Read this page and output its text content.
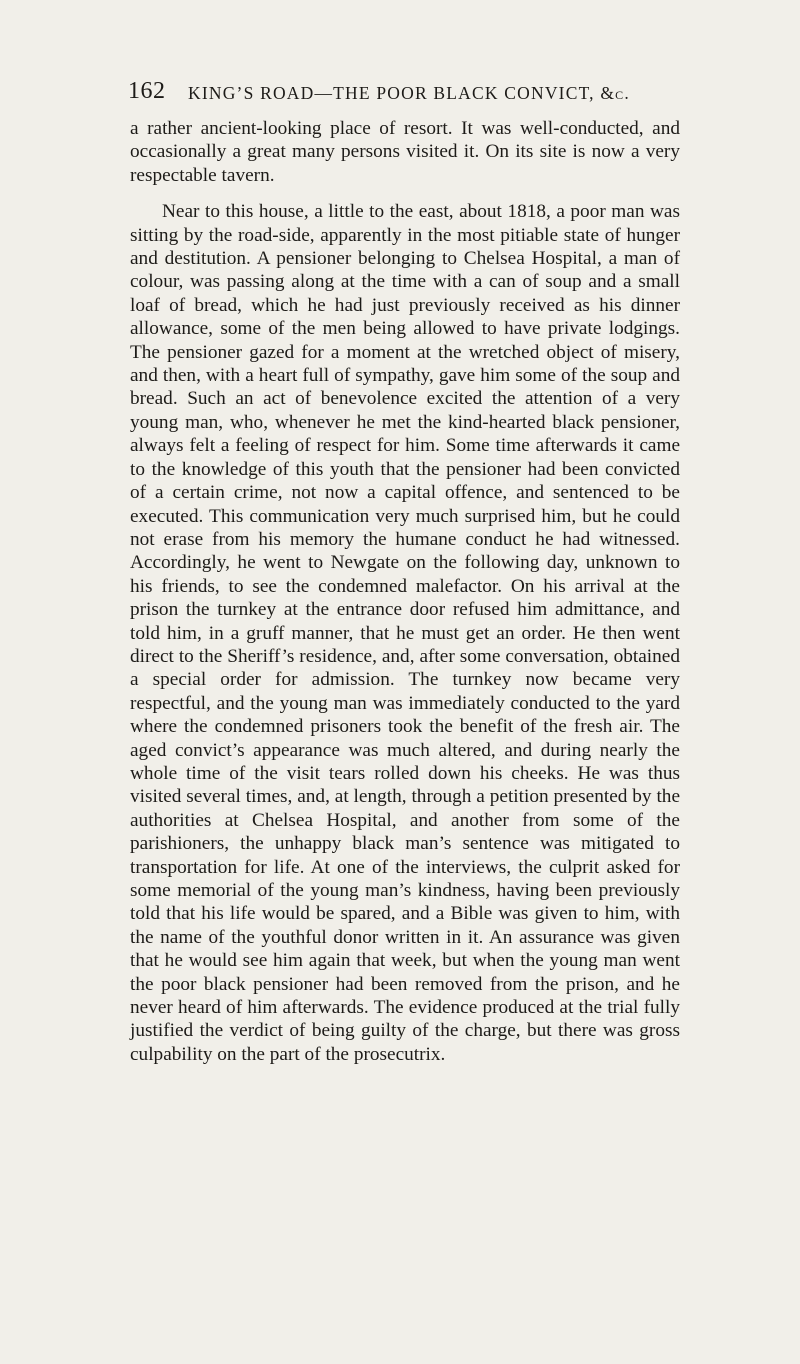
162 KING’S ROAD—THE POOR BLACK CONVICT, &c.

a rather ancient-looking place of resort. It was well-conducted, and occasionally a great many persons visited it. On its site is now a very respectable tavern.

Near to this house, a little to the east, about 1818, a poor man was sitting by the road-side, apparently in the most pitiable state of hunger and destitution. A pensioner belonging to Chelsea Hospital, a man of colour, was passing along at the time with a can of soup and a small loaf of bread, which he had just previously received as his dinner allowance, some of the men being allowed to have private lodgings. The pensioner gazed for a moment at the wretched object of misery, and then, with a heart full of sympathy, gave him some of the soup and bread. Such an act of benevolence excited the attention of a very young man, who, whenever he met the kind-hearted black pensioner, always felt a feeling of respect for him. Some time afterwards it came to the knowledge of this youth that the pensioner had been convicted of a certain crime, not now a capital offence, and sentenced to be executed. This communication very much surprised him, but he could not erase from his memory the humane conduct he had witnessed. Accordingly, he went to Newgate on the following day, unknown to his friends, to see the condemned malefactor. On his arrival at the prison the turnkey at the entrance door refused him admittance, and told him, in a gruff manner, that he must get an order. He then went direct to the Sheriff’s residence, and, after some conversation, obtained a special order for admission. The turnkey now became very respectful, and the young man was immediately conducted to the yard where the condemned prisoners took the benefit of the fresh air. The aged convict’s appearance was much altered, and during nearly the whole time of the visit tears rolled down his cheeks. He was thus visited several times, and, at length, through a petition presented by the authorities at Chelsea Hospital, and another from some of the parishioners, the unhappy black man’s sentence was mitigated to transportation for life. At one of the interviews, the culprit asked for some memorial of the young man’s kindness, having been previously told that his life would be spared, and a Bible was given to him, with the name of the youthful donor written in it. An assurance was given that he would see him again that week, but when the young man went the poor black pensioner had been removed from the prison, and he never heard of him afterwards. The evidence produced at the trial fully justified the verdict of being guilty of the charge, but there was gross culpability on the part of the prosecutrix.
